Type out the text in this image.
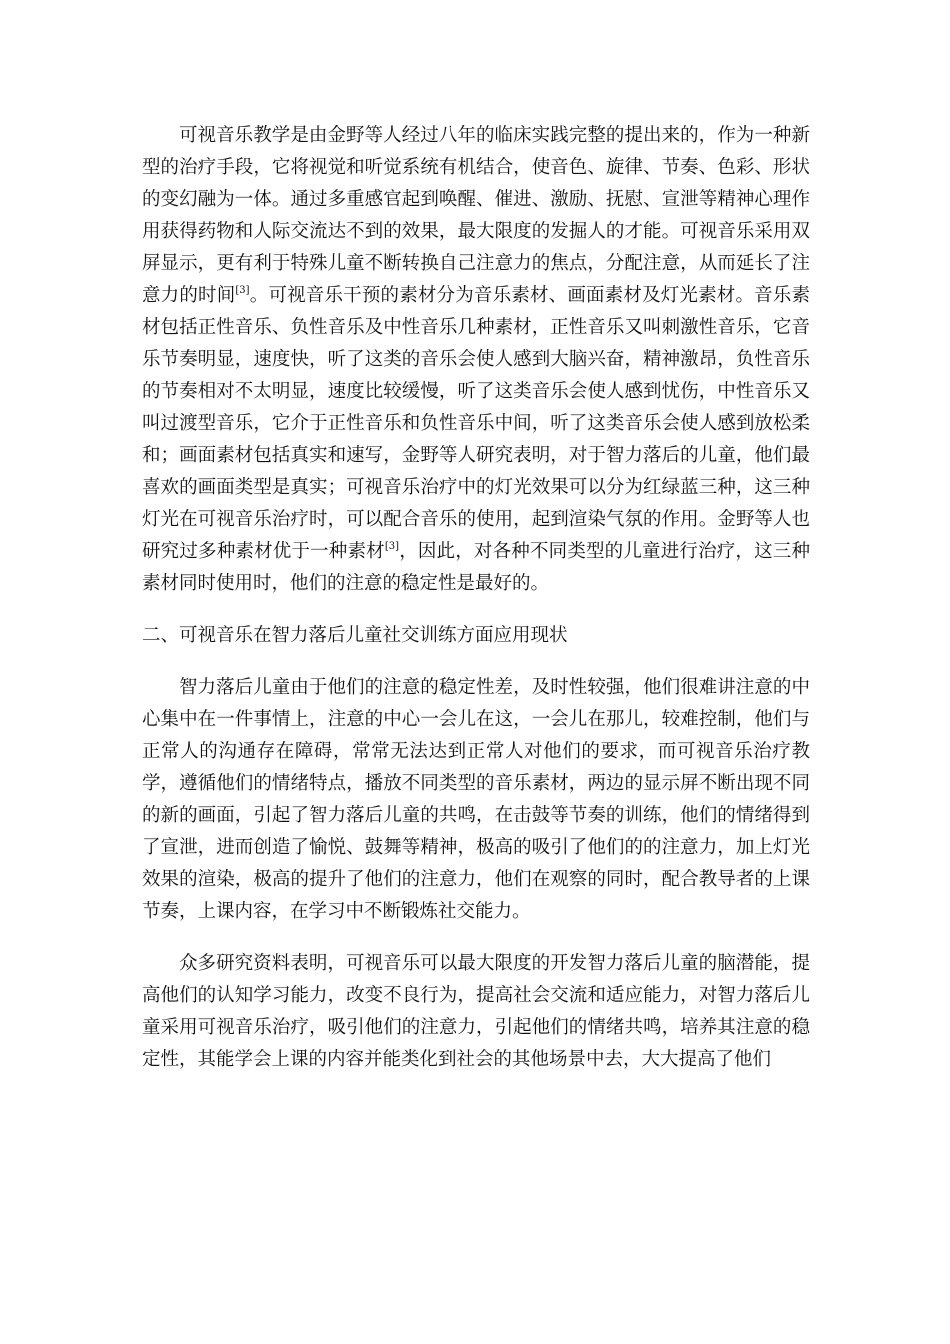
可视音乐教学是由金野等人经过八年的临床实践完整的提出来的，作为一种新型的治疗手段，它将视觉和听觉系统有机结合，使音色、旋律、节奏、色彩、形状的变幻融为一体。通过多重感官起到唤醒、催进、激励、抚慰、宣泄等精神心理作用获得药物和人际交流达不到的效果，最大限度的发掘人的才能。可视音乐采用双屏显示，更有利于特殊儿童不断转换自己注意力的焦点，分配注意，从而延长了注意力的时间[3]。可视音乐干预的素材分为音乐素材、画面素材及灯光素材。音乐素材包括正性音乐、负性音乐及中性音乐几种素材，正性音乐又叫刺激性音乐，它音乐节奏明显，速度快，听了这类的音乐会使人感到大脑兴奋，精神激昂，负性音乐的节奏相对不太明显，速度比较缓慢，听了这类音乐会使人感到忧伤，中性音乐又叫过渡型音乐，它介于正性音乐和负性音乐中间，听了这类音乐会使人感到放松柔和；画面素材包括真实和速写，金野等人研究表明，对于智力落后的儿童，他们最喜欢的画面类型是真实；可视音乐治疗中的灯光效果可以分为红绿蓝三种，这三种灯光在可视音乐治疗时，可以配合音乐的使用，起到渲染气氛的作用。金野等人也研究过多种素材优于一种素材[3]，因此，对各种不同类型的儿童进行治疗，这三种素材同时使用时，他们的注意的稳定性是最好的。

二、可视音乐在智力落后儿童社交训练方面应用现状

智力落后儿童由于他们的注意的稳定性差，及时性较强，他们很难讲注意的中心集中在一件事情上，注意的中心一会儿在这，一会儿在那儿，较难控制，他们与正常人的沟通存在障碍，常常无法达到正常人对他们的要求，而可视音乐治疗教学，遵循他们的情绪特点，播放不同类型的音乐素材，两边的显示屏不断出现不同的新的画面，引起了智力落后儿童的共鸣，在击鼓等节奏的训练，他们的情绪得到了宣泄，进而创造了愉悦、鼓舞等精神，极高的吸引了他们的的注意力，加上灯光效果的渲染，极高的提升了他们的注意力，他们在观察的同时，配合教导者的上课节奏，上课内容，在学习中不断锻炼社交能力。

众多研究资料表明，可视音乐可以最大限度的开发智力落后儿童的脑潜能，提高他们的认知学习能力，改变不良行为，提高社会交流和适应能力，对智力落后儿童采用可视音乐治疗，吸引他们的注意力，引起他们的情绪共鸣，培养其注意的稳定性，其能学会上课的内容并能类化到社会的其他场景中去，大大提高了他们
